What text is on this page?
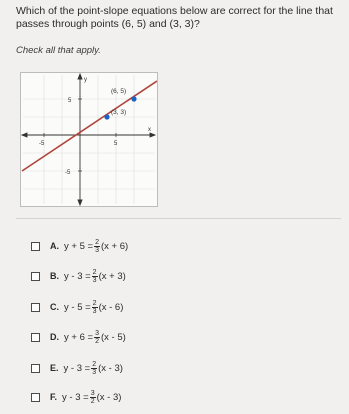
Which of the point-slope equations below are correct for the line that passes through points (6, 5) and (3, 3)?
Check all that apply.
y
x
5
-5
-5	5
(6, 5)
(3, 3)
A. $y + 5 = \frac{2}{3} (x + 6)$
B. $y - 3 = \frac{2}{3} (x + 3)$
C. $y - 5 = \frac{2}{3} (x - 6)$
D. $y + 6 = \frac{3}{2} (x - 5)$
E. $y - 3 = \frac{2}{3} (x - 3)$
F. $y - 3 = \frac{3}{2} (x - 3)$
